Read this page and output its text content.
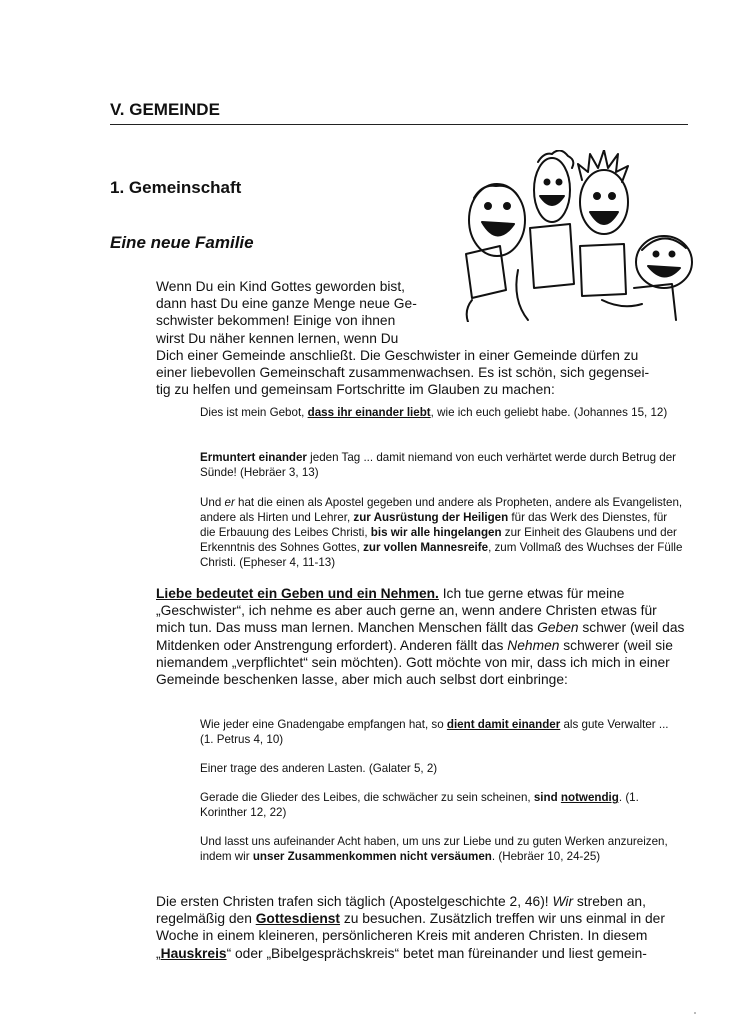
V. GEMEINDE
1. Gemeinschaft
Eine neue Familie

Wenn Du ein Kind Gottes geworden bist,
dann hast Du eine ganze Menge neue Ge-
schwister bekommen! Einige von ihnen
wirst Du näher kennen lernen, wenn Du
Dich einer Gemeinde anschließt. Die Geschwister in einer Gemeinde dürfen zu
einer liebevollen Gemeinschaft zusammenwachsen. Es ist schön, sich gegensei-
tig zu helfen und gemeinsam Fortschritte im Glauben zu machen:

Dies ist mein Gebot, dass ihr einander liebt, wie ich euch geliebt habe. (Johannes 15, 12)

Ermuntert einander jeden Tag ... damit niemand von euch verhärtet werde durch Betrug der Sünde! (Hebräer 3, 13)

Und er hat die einen als Apostel gegeben und andere als Propheten, andere als Evangelisten, andere als Hirten und Lehrer, zur Ausrüstung der Heiligen für das Werk des Dienstes, für die Erbauung des Leibes Christi, bis wir alle hingelangen zur Einheit des Glaubens und der Erkenntnis des Sohnes Gottes, zur vollen Mannesreife, zum Vollmaß des Wuchses der Fülle Christi. (Epheser 4, 11-13)

Liebe bedeutet ein Geben und ein Nehmen. Ich tue gerne etwas für meine „Geschwister“, ich nehme es aber auch gerne an, wenn andere Christen etwas für mich tun. Das muss man lernen. Manchen Menschen fällt das Geben schwer (weil das Mitdenken oder Anstrengung erfordert). Anderen fällt das Nehmen schwerer (weil sie niemandem „verpflichtet“ sein möchten). Gott möchte von mir, dass ich mich in einer Gemeinde beschenken lasse, aber mich auch selbst dort einbringe:

Wie jeder eine Gnadengabe empfangen hat, so dient damit einander als gute Verwalter ... (1. Petrus 4, 10)

Einer trage des anderen Lasten. (Galater 5, 2)

Gerade die Glieder des Leibes, die schwächer zu sein scheinen, sind notwendig. (1. Korinther 12, 22)

Und lasst uns aufeinander Acht haben, um uns zur Liebe und zu guten Werken anzureizen, indem wir unser Zusammenkommen nicht versäumen. (Hebräer 10, 24-25)

Die ersten Christen trafen sich täglich (Apostelgeschichte 2, 46)! Wir streben an, regelmäßig den Gottesdienst zu besuchen. Zusätzlich treffen wir uns einmal in der Woche in einem kleineren, persönlicheren Kreis mit anderen Christen. In diesem „Hauskreis“ oder „Bibelgesprächskreis“ betet man füreinander und liest gemein-
